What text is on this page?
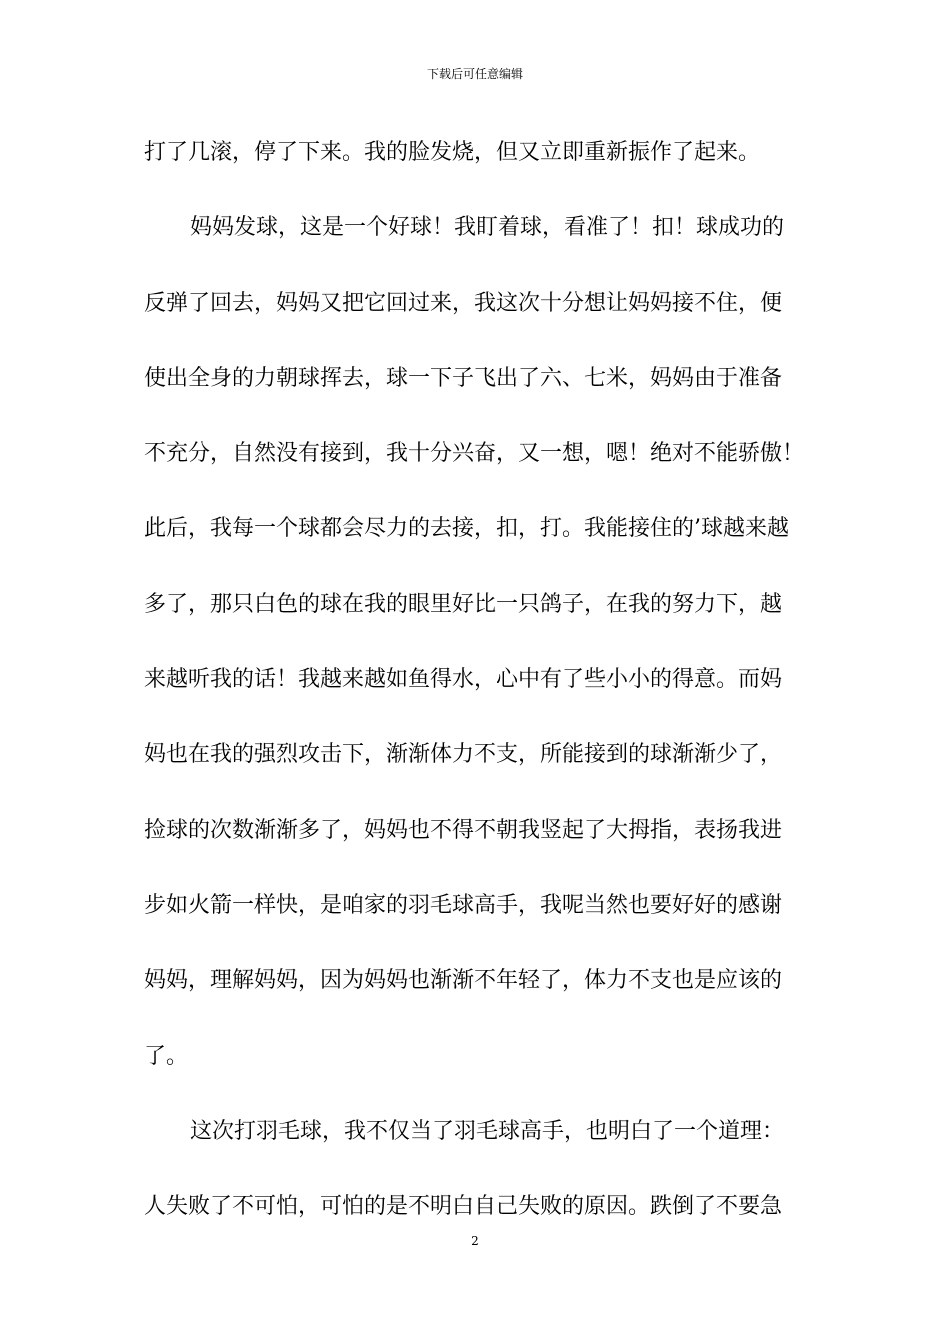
下载后可任意编辑
打了几滚，停了下来。我的脸发烧，但又立即重新振作了起来。
妈妈发球，这是一个好球！我盯着球，看准了！扣！球成功的
反弹了回去，妈妈又把它回过来，我这次十分想让妈妈接不住，便
使出全身的力朝球挥去，球一下子飞出了六、七米，妈妈由于准备
不充分，自然没有接到，我十分兴奋，又一想，嗯！绝对不能骄傲！
此后，我每一个球都会尽力的去接，扣，打。我能接住的’球越来越
多了，那只白色的球在我的眼里好比一只鸽子，在我的努力下，越
来越听我的话！我越来越如鱼得水，心中有了些小小的得意。而妈
妈也在我的强烈攻击下，渐渐体力不支，所能接到的球渐渐少了，
捡球的次数渐渐多了，妈妈也不得不朝我竖起了大拇指，表扬我进
步如火箭一样快，是咱家的羽毛球高手，我呢当然也要好好的感谢
妈妈，理解妈妈，因为妈妈也渐渐不年轻了，体力不支也是应该的
了。
这次打羽毛球，我不仅当了羽毛球高手，也明白了一个道理：
人失败了不可怕，可怕的是不明白自己失败的原因。跌倒了不要急
2
